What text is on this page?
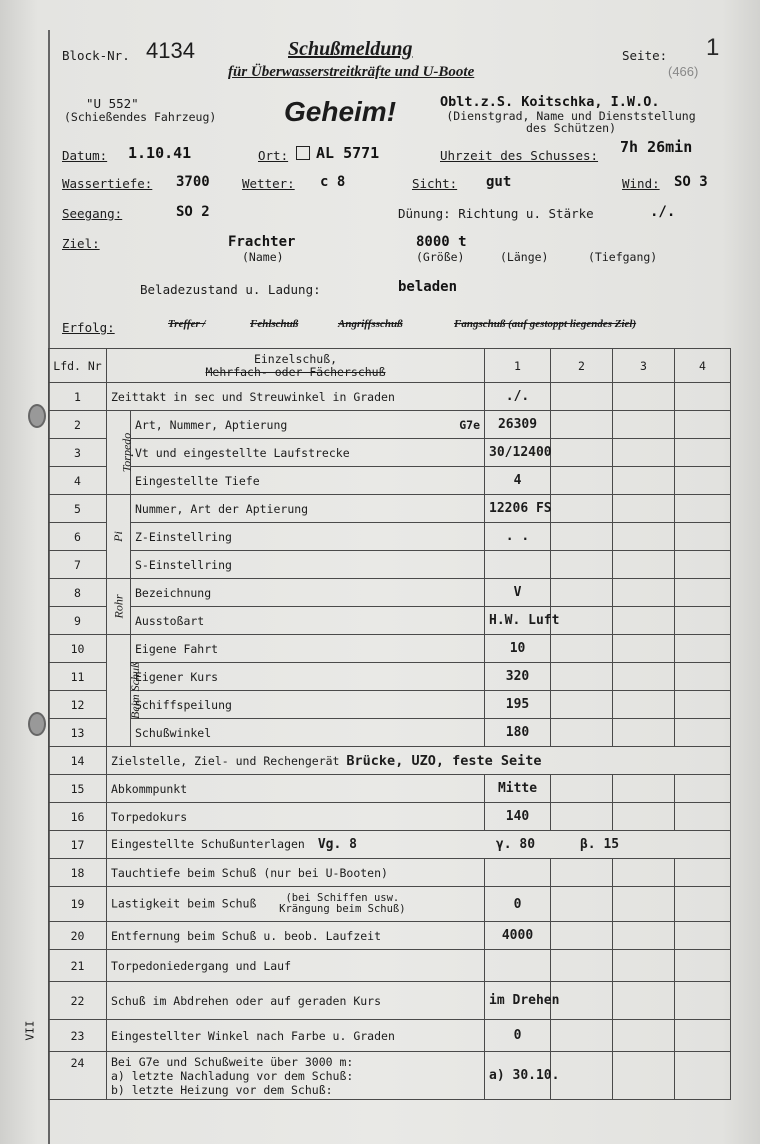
VII
Block-Nr. 4134	Schußmeldung
für Überwasserstreitkräfte und U-Boote
Seite: 1
(466)
"U 552"
(Schießendes Fahrzeug) Geheim!	Oblt.z.S. Koitschka, I.W.O.
(Dienstgrad, Name und Dienststellung des Schützen)
Datum: 1.10.41	Ort: AL 5771	Uhrzeit des Schusses: 7h 26min
Wassertiefe: 3700	Wetter: c 8	Sicht: gut	Wind: SO 3
Seegang:	SO 2	Dünung: Richtung u. Stärke	./.
Ziel:	Frachter
(Name)
8000 t
(Größe)	(Länge)	(Tiefgang)
Beladezustand u. Ladung:	beladen
Erfolg:	Treffer /	Fehlschuß	Angriffsschuß	Fangschuß (auf gestoppt liegendes Ziel)
Lfd. Nr	Einzelschuß,
Mehrfach- oder Fächerschuß		1	2	3	4
1	Zeittakt in sec und Streuwinkel in Graden		./.			
2	Torpedo	Art, Nummer, Aptierung G7e	26309			
3		Vt und eingestellte Laufstrecke	30/12400			
4		Eingestellte Tiefe	4			
5	Pi	Nummer, Art der Aptierung	12206 FS			
6		Z-Einstellring	. .			
7		S-Einstellring				
8	Rohr	Bezeichnung	V			
9		Ausstoßart	H.W. Luft			
10	Beim Schuß	Eigene Fahrt	10			
11		Eigener Kurs	320			
12		Schiffspeilung	195			
13		Schußwinkel	180			
14	Zielstelle, Ziel- und Rechengerät Brücke, UZO, feste Seite					
15	Abkommpunkt		Mitte			
16	Torpedokurs		140			
17	Eingestellte Schußunterlagen Vg. 8 γ. 80 β. 15					
18	Tauchtiefe beim Schuß (nur bei U-Booten)					
19	Lastigkeit beim Schuß (bei Schiffen usw. Krängung beim Schuß)		0			
20	Entfernung beim Schuß u. beob. Laufzeit		4000			
21	Torpedoniedergang und Lauf					
22	Schuß im Abdrehen oder auf geraden Kurs		im Drehen			
23	Eingestellter Winkel nach Farbe u. Graden		0			
24	Bei G7e und Schußweite über 3000 m:
a) letzte Nachladung vor dem Schuß:
b) letzte Heizung vor dem Schuß:		a) 30.10.			
